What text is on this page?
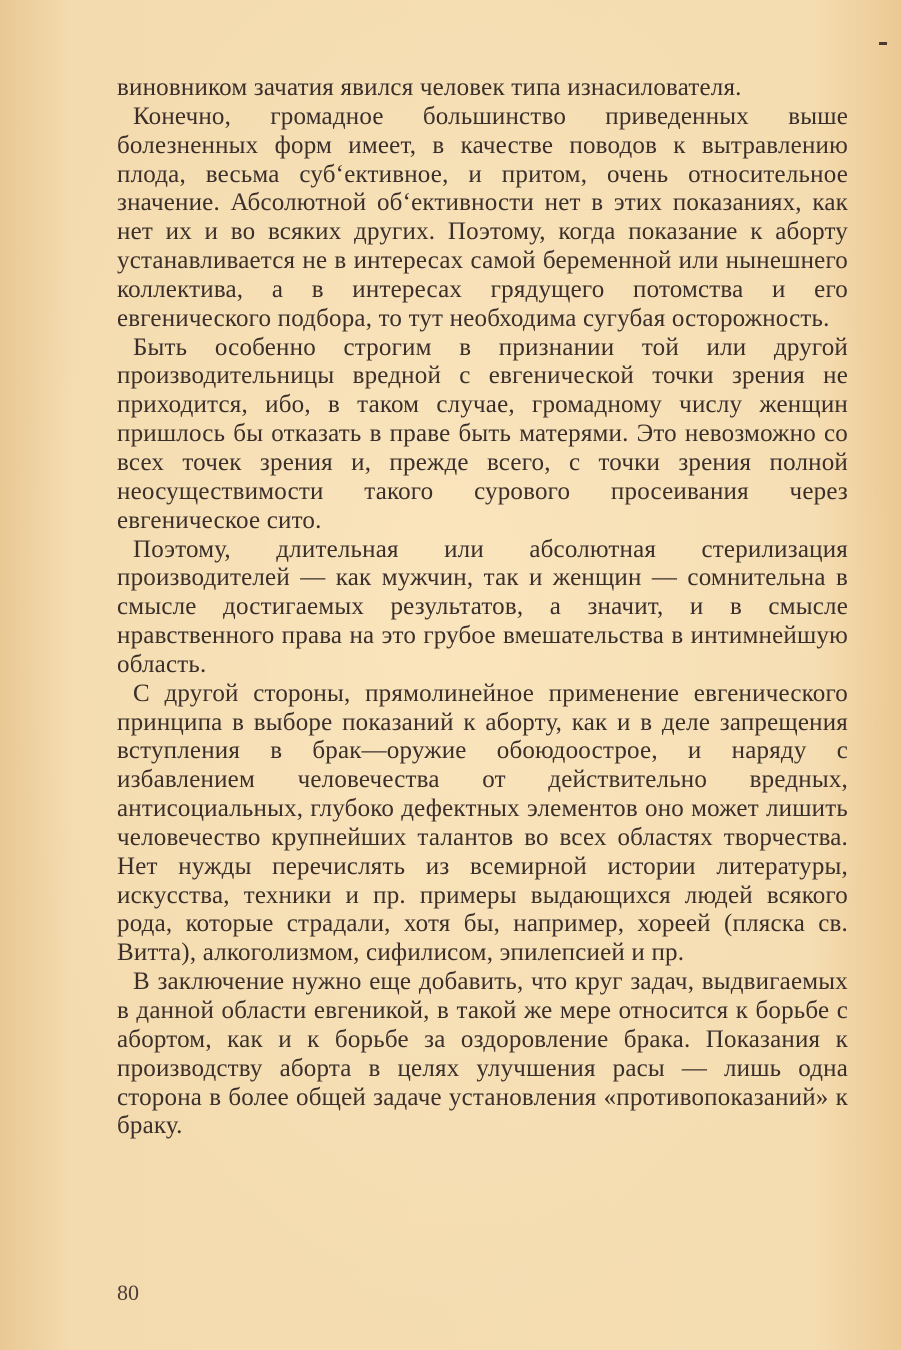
виновником зачатия явился человек типа изнасилователя.

Конечно, громадное большинство приведенных выше болезненных форм имеет, в качестве поводов к вытравлению плода, весьма суб‘ективное, и притом, очень относительное значение. Абсолютной об‘ективности нет в этих показаниях, как нет их и во всяких других. Поэтому, когда показание к аборту устанавливается не в интересах самой беременной или нынешнего коллектива, а в интересах грядущего потомства и его евгенического подбора, то тут необходима сугубая осторожность.

Быть особенно строгим в признании той или другой производительницы вредной с евгенической точки зрения не приходится, ибо, в таком случае, громадному числу женщин пришлось бы отказать в праве быть матерями. Это невозможно со всех точек зрения и, прежде всего, с точки зрения полной неосуществимости такого сурового просеивания через евгеническое сито.

Поэтому, длительная или абсолютная стерилизация производителей — как мужчин, так и женщин — сомнительна в смысле достигаемых результатов, а значит, и в смысле нравственного права на это грубое вмешательства в интимнейшую область.

С другой стороны, прямолинейное применение евгенического принципа в выборе показаний к аборту, как и в деле запрещения вступления в брак—оружие обоюдоострое, и наряду с избавлением человечества от действительно вредных, антисоциальных, глубоко дефектных элементов оно может лишить человечество крупнейших талантов во всех областях творчества. Нет нужды перечислять из всемирной истории литературы, искусства, техники и пр. примеры выдающихся людей всякого рода, которые страдали, хотя бы, например, хореей (пляска св. Витта), алкоголизмом, сифилисом, эпилепсией и пр.

В заключение нужно еще добавить, что круг задач, выдвигаемых в данной области евгеникой, в такой же мере относится к борьбе с абортом, как и к борьбе за оздоровление брака. Показания к производству аборта в целях улучшения расы — лишь одна сторона в более общей задаче установления «противопоказаний» к браку.

80
